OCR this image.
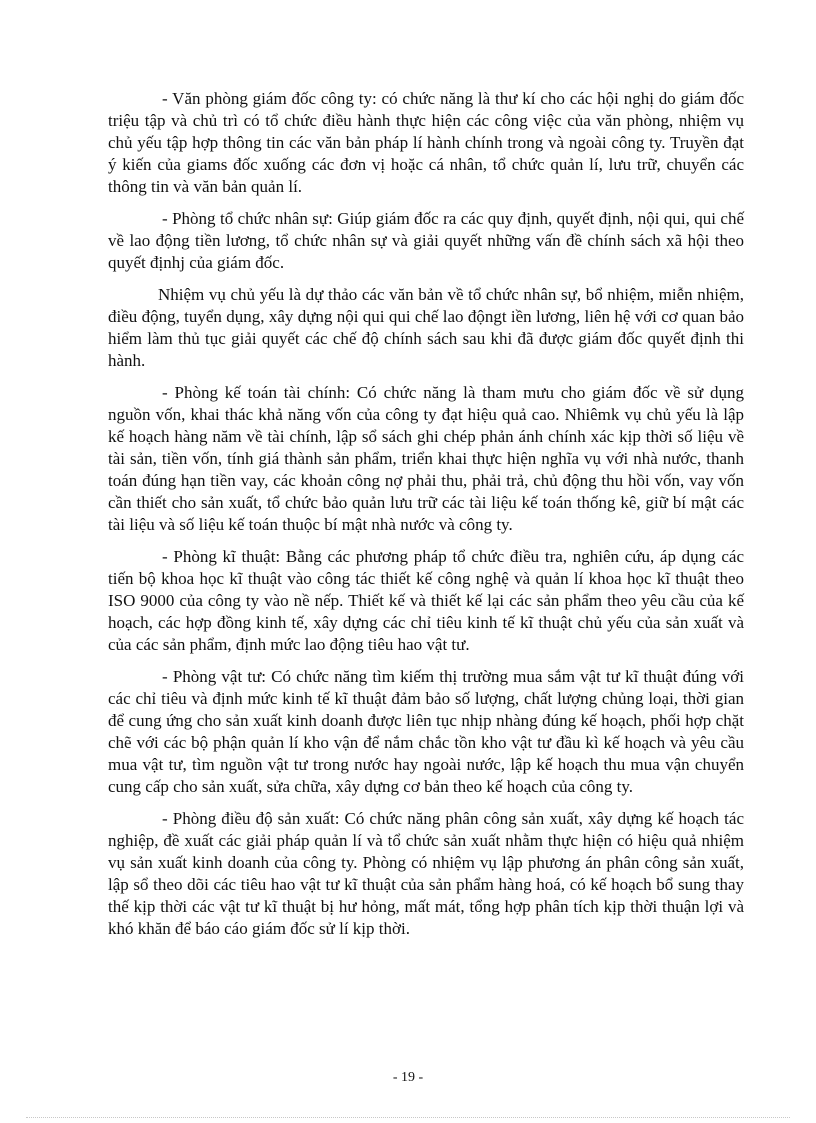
- Văn phòng giám đốc công ty: có chức năng là thư kí cho các hội nghị do giám đốc triệu tập và chủ trì có tổ chức điều hành thực hiện các công việc của văn phòng, nhiệm vụ chủ yếu tập hợp thông tin các văn bản pháp lí hành chính trong và ngoài công ty. Truyền đạt ý kiến của giams đốc xuống các đơn vị hoặc cá nhân, tổ chức quản lí, lưu trữ, chuyển các thông tin và văn bản quản lí.

- Phòng tổ chức nhân sự: Giúp giám đốc ra các quy định, quyết định, nội qui, qui chế về lao động tiền lương, tổ chức nhân sự và giải quyết những vấn đề chính sách xã hội theo quyết địnhj của giám đốc.

Nhiệm vụ chủ yếu là dự thảo các văn bản về tổ chức nhân sự, bổ nhiệm, miễn nhiệm, điều động, tuyển dụng, xây dựng nội qui qui chế lao độngt iền lương, liên hệ với cơ quan bảo hiểm làm thủ tục giải quyết các chế độ chính sách sau khi đã được giám đốc quyết định thi hành.

- Phòng kế toán tài chính: Có chức năng là tham mưu cho giám đốc về sử dụng nguồn vốn, khai thác khả năng vốn của công ty đạt hiệu quả cao. Nhiêmk vụ chủ yếu là lập kế hoạch hàng năm về tài chính, lập sổ sách ghi chép phản ánh chính xác kịp thời số liệu về tài sản, tiền vốn, tính giá thành sản phẩm, triển khai thực hiện nghĩa vụ với nhà nước, thanh toán đúng hạn tiền vay, các khoản công nợ phải thu, phải trả, chủ động thu hồi vốn, vay vốn cần thiết cho sản xuất, tổ chức bảo quản lưu trữ các tài liệu kế toán thống kê, giữ bí mật các tài liệu và số liệu kế toán thuộc bí mật nhà nước và công ty.

- Phòng kĩ thuật: Bằng các phương pháp tổ chức điều tra, nghiên cứu, áp dụng các tiến bộ khoa học kĩ thuật vào công tác thiết kế công nghệ và quản lí khoa học kĩ thuật theo ISO 9000 của công ty vào nề nếp. Thiết kế và thiết kế lại các sản phẩm theo yêu cầu của kế hoạch, các hợp đồng kinh tế, xây dựng các chỉ tiêu kinh tế kĩ thuật chủ yếu của sản xuất và của các sản phẩm, định mức lao động tiêu hao vật tư.

- Phòng vật tư: Có chức năng tìm kiếm thị trường mua sắm vật tư kĩ thuật đúng với các chỉ tiêu và định mức kinh tế kĩ thuật đảm bảo số lượng, chất lượng chủng loại, thời gian để cung ứng cho sản xuất kinh doanh được liên tục nhịp nhàng đúng kế hoạch, phối hợp chặt chẽ với các bộ phận quản lí kho vận để nắm chắc tồn kho vật tư đầu kì kế hoạch và yêu cầu mua vật tư, tìm nguồn vật tư trong nước hay ngoài nước, lập kế hoạch thu mua vận chuyển cung cấp cho sản xuất, sửa chữa, xây dựng cơ bản theo kế hoạch của công ty.

- Phòng điều độ sản xuất: Có chức năng phân công sản xuất, xây dựng kế hoạch tác nghiệp, đề xuất các giải pháp quản lí và tổ chức sản xuất nhằm thực hiện có hiệu quả nhiệm vụ sản xuất kinh doanh của công ty. Phòng có nhiệm vụ lập phương án phân công sản xuất, lập sổ theo dõi các tiêu hao vật tư kĩ thuật của sản phẩm hàng hoá, có kế hoạch bổ sung thay thế kịp thời các vật tư kĩ thuật bị hư hỏng, mất mát, tổng hợp phân tích kịp thời thuận lợi và khó khăn để báo cáo giám đốc sử lí kịp thời.

- 19 -
